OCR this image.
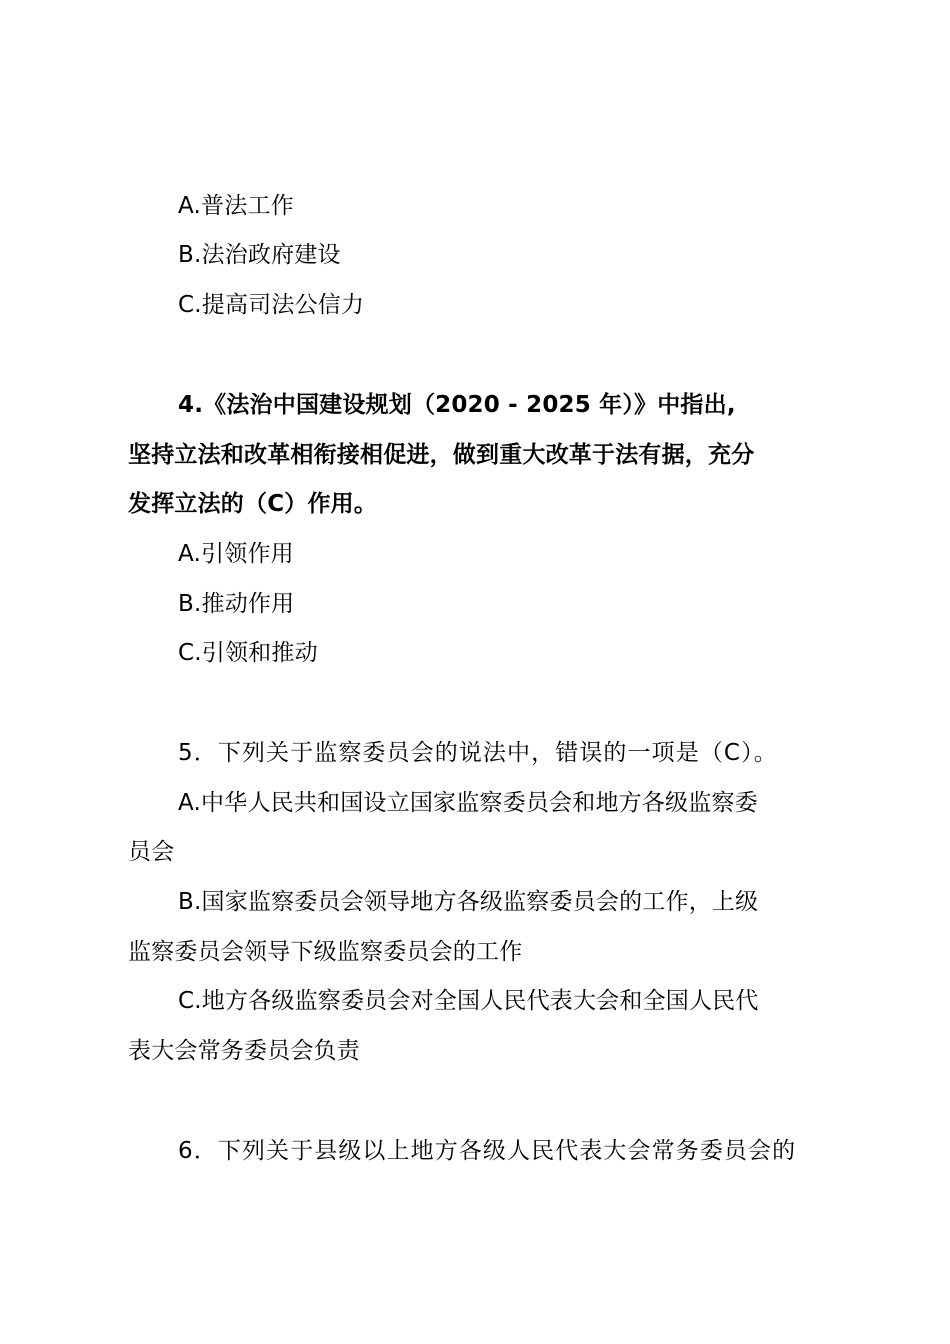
A.普法工作
B.法治政府建设
C.提高司法公信力
4.《法治中国建设规划（2020 - 2025 年）》中指出,
坚持立法和改革相衔接相促进，做到重大改革于法有据，充分
发挥立法的（C）作用。
A.引领作用
B.推动作用
C.引领和推动
5．下列关于监察委员会的说法中，错误的一项是（C）。
A.中华人民共和国设立国家监察委员会和地方各级监察委
员会
B.国家监察委员会领导地方各级监察委员会的工作，上级
监察委员会领导下级监察委员会的工作
C.地方各级监察委员会对全国人民代表大会和全国人民代
表大会常务委员会负责
6．下列关于县级以上地方各级人民代表大会常务委员会的
